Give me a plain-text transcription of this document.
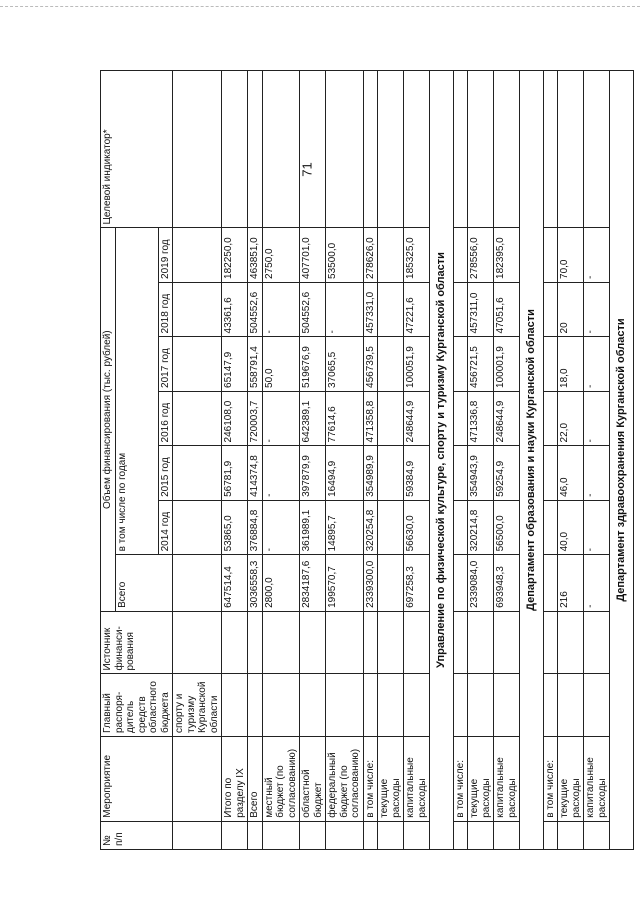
71
№ п/п	Мероприятие	Главный распоря-дитель средств областного бюджета	Источник финанси-рования	Объем финансирования (тыс. рублей)							Целевой индикатор*
				Всего	в том числе по годам						
					2014 год	2015 год	2016 год	2017 год	2018 год	2019 год	
		спорту и туризму Курганской области									
	Итого по разделу IX			647514,4	53865,0	56781,9	246108,0	65147,9	43361,6	182250,0	
	Всего			3036558,3	376884,8	414374,8	720003,7	558791,4	504552,6	463851,0	
	местный бюджет (по согласованию)			2800,0	-	-	-	50,0	-	2750,0	
	областной бюджет			2834187,6	361989,1	397879,9	642389,1	519676,9	504552,6	407701,0	
	федеральный бюджет (по согласованию)			199570,7	14895,7	16494,9	77614,6	37065,5	-	53500,0	
	в том числе:			2339300,0	320254,8	354989,9	471358,8	456739,5	457331,0	278626,0	
	текущие расходы										
	капитальные расходы			697258,3	56630,0	59384,9	248644,9	100051,9	47221,6	185325,0	
Управление по физической культуре, спорту и туризму Курганской области											
	в том числе:										
	текущие расходы			2339084,0	320214,8	354943,9	471336,8	456721,5	457311,0	278556,0	
	капитальные расходы			693948,3	56500,0	59254,9	248644,9	100001,9	47051,6	182395,0	
Департамент образования и науки Курганской области											
	в том числе:										
	текущие расходы			216	40,0	46,0	22,0	18,0	20	70,0	
	капитальные расходы			-	-	-	-	-	-	-	
Департамент здравоохранения Курганской области											
